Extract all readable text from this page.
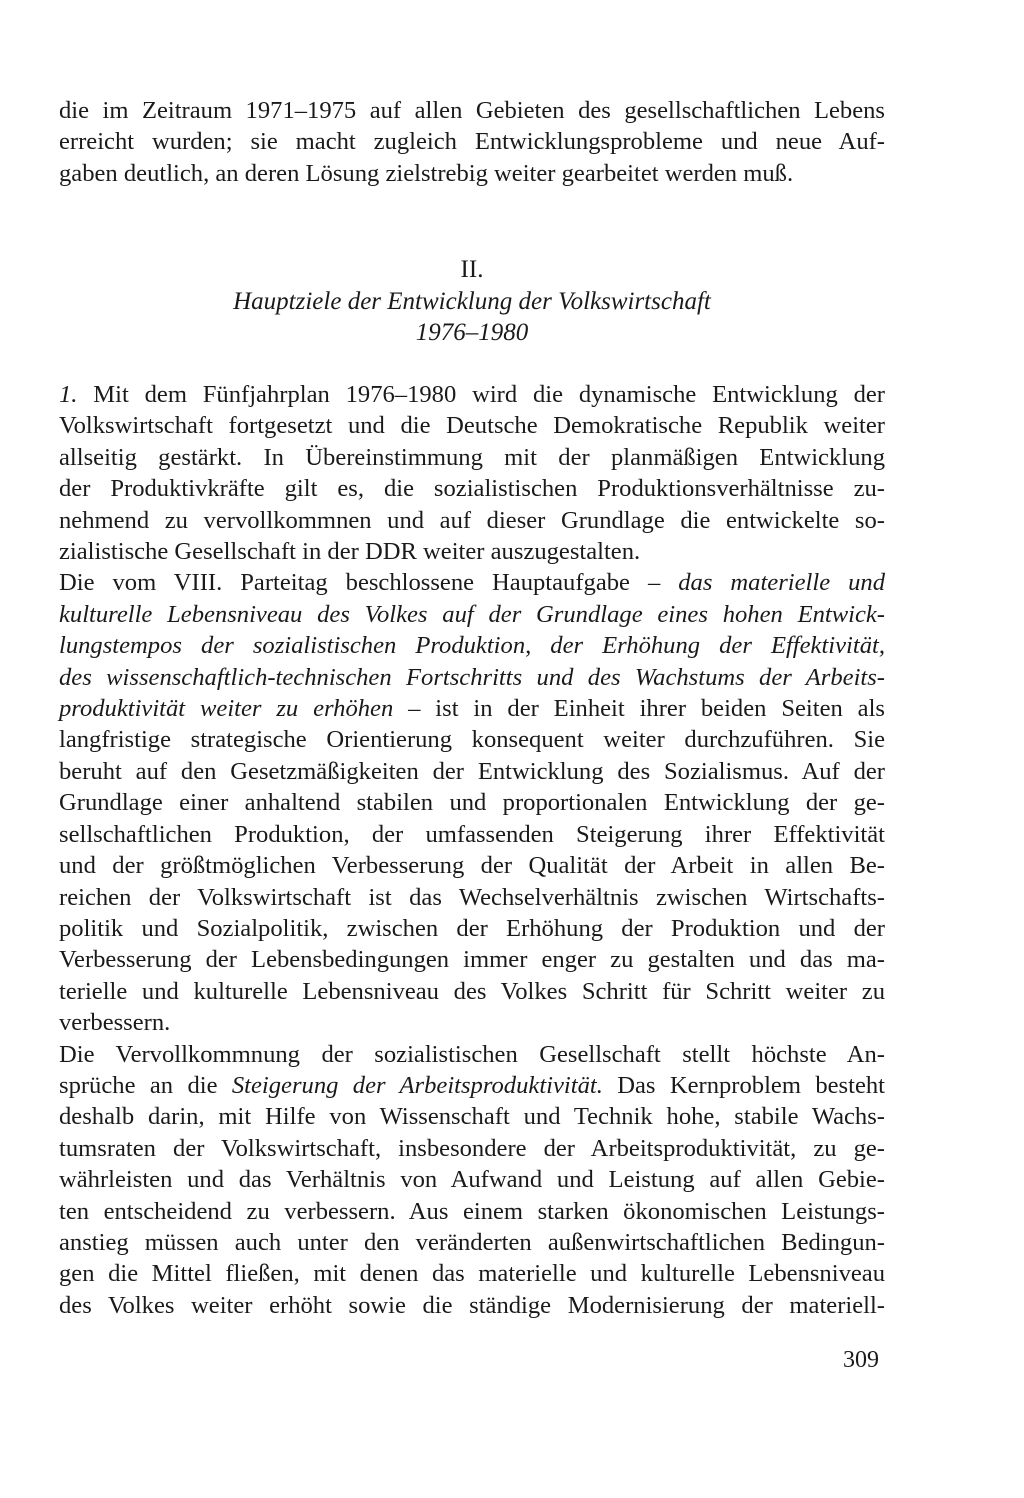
die im Zeitraum 1971–1975 auf allen Gebieten des gesellschaftlichen Lebens
erreicht wurden; sie macht zugleich Entwicklungsprobleme und neue Auf-
gaben deutlich, an deren Lösung zielstrebig weiter gearbeitet werden muß.
II.
Hauptziele der Entwicklung der Volkswirtschaft
1976–1980
1. Mit dem Fünfjahrplan 1976–1980 wird die dynamische Entwicklung der
Volkswirtschaft fortgesetzt und die Deutsche Demokratische Republik weiter
allseitig gestärkt. In Übereinstimmung mit der planmäßigen Entwicklung
der Produktivkräfte gilt es, die sozialistischen Produktionsverhältnisse zu-
nehmend zu vervollkommnen und auf dieser Grundlage die entwickelte so-
zialistische Gesellschaft in der DDR weiter auszugestalten.
Die vom VIII. Parteitag beschlossene Hauptaufgabe – das materielle und
kulturelle Lebensniveau des Volkes auf der Grundlage eines hohen Entwick-
lungstempos der sozialistischen Produktion, der Erhöhung der Effektivität,
des wissenschaftlich-technischen Fortschritts und des Wachstums der Arbeits-
produktivität weiter zu erhöhen – ist in der Einheit ihrer beiden Seiten als
langfristige strategische Orientierung konsequent weiter durchzuführen. Sie
beruht auf den Gesetzmäßigkeiten der Entwicklung des Sozialismus. Auf der
Grundlage einer anhaltend stabilen und proportionalen Entwicklung der ge-
sellschaftlichen Produktion, der umfassenden Steigerung ihrer Effektivität
und der größtmöglichen Verbesserung der Qualität der Arbeit in allen Be-
reichen der Volkswirtschaft ist das Wechselverhältnis zwischen Wirtschafts-
politik und Sozialpolitik, zwischen der Erhöhung der Produktion und der
Verbesserung der Lebensbedingungen immer enger zu gestalten und das ma-
terielle und kulturelle Lebensniveau des Volkes Schritt für Schritt weiter zu
verbessern.
Die Vervollkommnung der sozialistischen Gesellschaft stellt höchste An-
sprüche an die Steigerung der Arbeitsproduktivität. Das Kernproblem besteht
deshalb darin, mit Hilfe von Wissenschaft und Technik hohe, stabile Wachs-
tumsraten der Volkswirtschaft, insbesondere der Arbeitsproduktivität, zu ge-
währleisten und das Verhältnis von Aufwand und Leistung auf allen Gebie-
ten entscheidend zu verbessern. Aus einem starken ökonomischen Leistungs-
anstieg müssen auch unter den veränderten außenwirtschaftlichen Bedingun-
gen die Mittel fließen, mit denen das materielle und kulturelle Lebensniveau
des Volkes weiter erhöht sowie die ständige Modernisierung der materiell-
309
